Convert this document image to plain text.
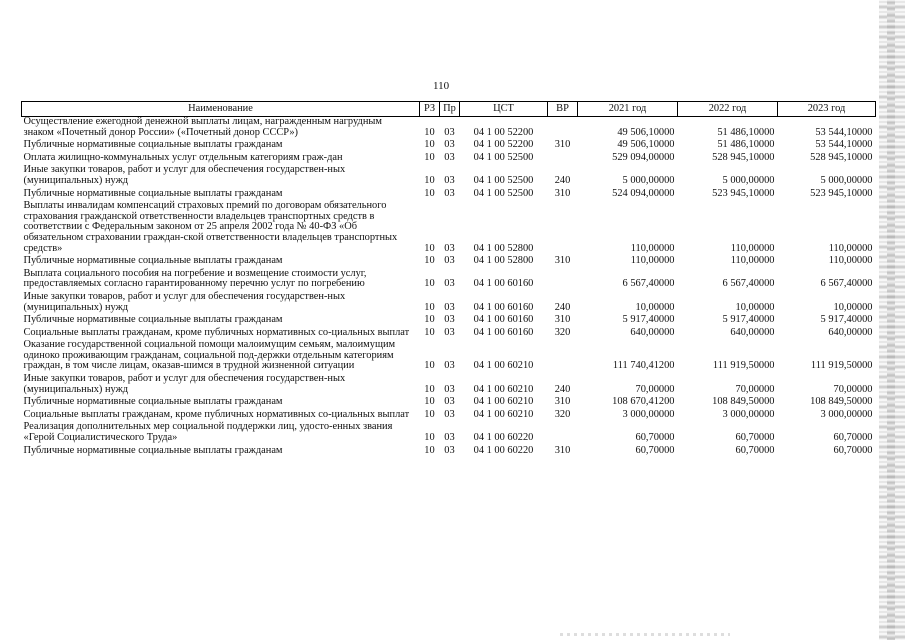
110
Наименование	РЗ	Пр	ЦСТ	ВР	2021 год	2022 год	2023 год
Осуществление ежегодной денежной выплаты лицам, награжденным нагрудным знаком «Почетный донор России» («Почетный донор СССР»)	10	03	04 1 00 52200		49 506,10000	51 486,10000	53 544,10000
Публичные нормативные социальные выплаты гражданам	10	03	04 1 00 52200	310	49 506,10000	51 486,10000	53 544,10000
Оплата жилищно-коммунальных услуг отдельным категориям граж-дан	10	03	04 1 00 52500		529 094,00000	528 945,10000	528 945,10000
Иные закупки товаров, работ и услуг для обеспечения государствен-ных (муниципальных) нужд	10	03	04 1 00 52500	240	5 000,00000	5 000,00000	5 000,00000
Публичные нормативные социальные выплаты гражданам	10	03	04 1 00 52500	310	524 094,00000	523 945,10000	523 945,10000
Выплаты инвалидам компенсаций страховых премий по договорам обязательного страхования гражданской ответственности владельцев транспортных средств в соответствии с Федеральным законом от 25 апреля 2002 года № 40-ФЗ «Об обязательном страховании граждан-ской ответственности владельцев транспортных средств»	10	03	04 1 00 52800		110,00000	110,00000	110,00000
Публичные нормативные социальные выплаты гражданам	10	03	04 1 00 52800	310	110,00000	110,00000	110,00000
Выплата социального пособия на погребение и возмещение стоимости услуг, предоставляемых согласно гарантированному перечню услуг по погребению	10	03	04 1 00 60160		6 567,40000	6 567,40000	6 567,40000
Иные закупки товаров, работ и услуг для обеспечения государствен-ных (муниципальных) нужд	10	03	04 1 00 60160	240	10,00000	10,00000	10,00000
Публичные нормативные социальные выплаты гражданам	10	03	04 1 00 60160	310	5 917,40000	5 917,40000	5 917,40000
Социальные выплаты гражданам, кроме публичных нормативных со-циальных выплат	10	03	04 1 00 60160	320	640,00000	640,00000	640,00000
Оказание государственной социальной помощи малоимущим семьям, малоимущим одиноко проживающим гражданам, социальной под-держки отдельным категориям граждан, в том числе лицам, оказав-шимся в трудной жизненной ситуации	10	03	04 1 00 60210		111 740,41200	111 919,50000	111 919,50000
Иные закупки товаров, работ и услуг для обеспечения государствен-ных (муниципальных) нужд	10	03	04 1 00 60210	240	70,00000	70,00000	70,00000
Публичные нормативные социальные выплаты гражданам	10	03	04 1 00 60210	310	108 670,41200	108 849,50000	108 849,50000
Социальные выплаты гражданам, кроме публичных нормативных со-циальных выплат	10	03	04 1 00 60210	320	3 000,00000	3 000,00000	3 000,00000
Реализация дополнительных мер социальной поддержки лиц, удосто-енных звания «Герой Социалистического Труда»	10	03	04 1 00 60220		60,70000	60,70000	60,70000
Публичные нормативные социальные выплаты гражданам	10	03	04 1 00 60220	310	60,70000	60,70000	60,70000
